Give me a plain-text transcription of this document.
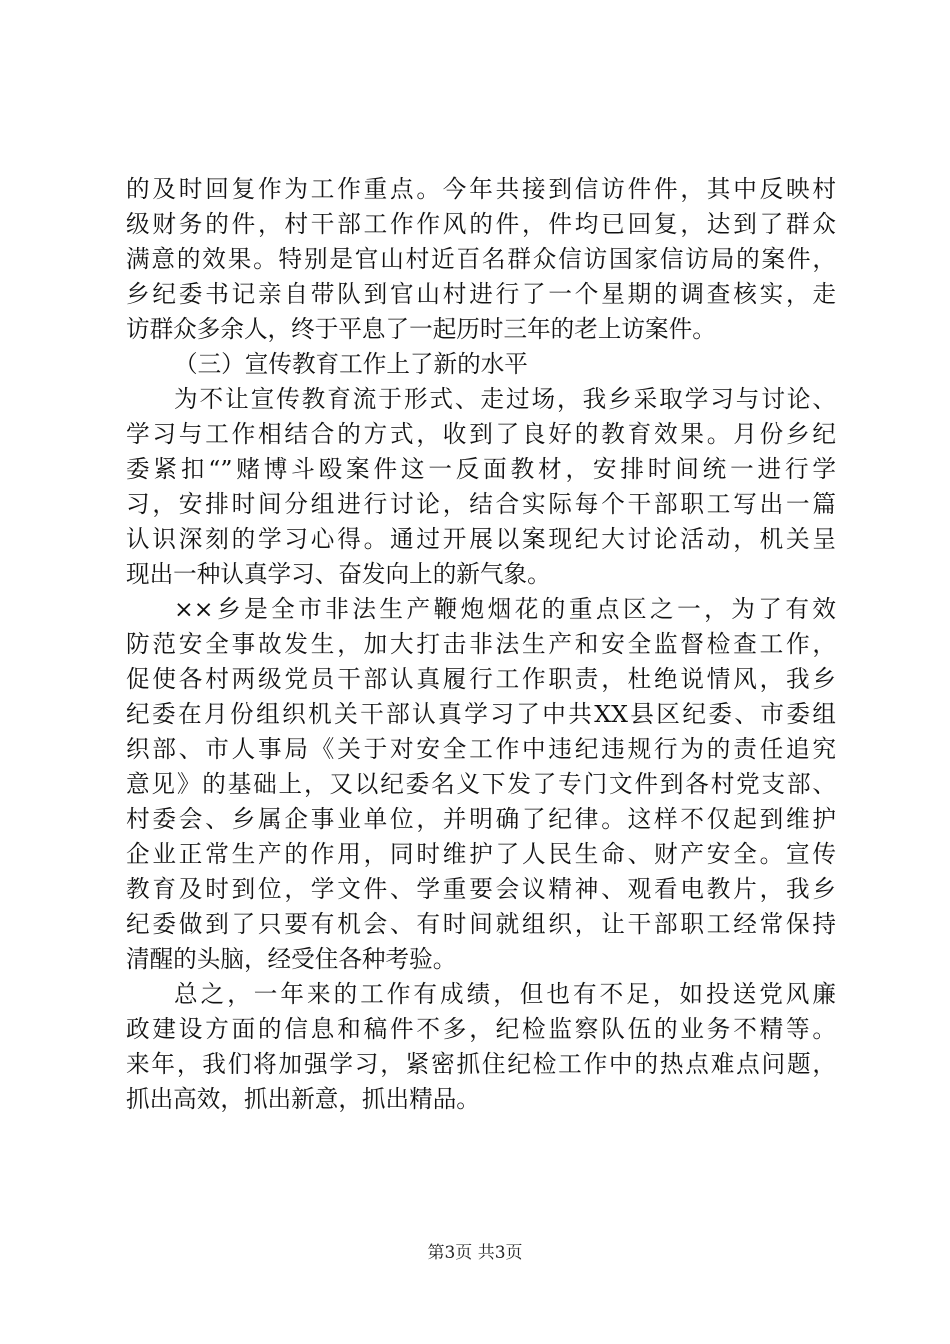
的及时回复作为工作重点。今年共接到信访件件，其中反映村
级财务的件，村干部工作作风的件，件均已回复，达到了群众
满意的效果。特别是官山村近百名群众信访国家信访局的案件，
乡纪委书记亲自带队到官山村进行了一个星期的调查核实，走
访群众多余人，终于平息了一起历时三年的老上访案件。
（三）宣传教育工作上了新的水平
为不让宣传教育流于形式、走过场，我乡采取学习与讨论、
学习与工作相结合的方式，收到了良好的教育效果。月份乡纪
委紧扣“”赌博斗殴案件这一反面教材，安排时间统一进行学
习，安排时间分组进行讨论，结合实际每个干部职工写出一篇
认识深刻的学习心得。通过开展以案现纪大讨论活动，机关呈
现出一种认真学习、奋发向上的新气象。
××乡是全市非法生产鞭炮烟花的重点区之一，为了有效
防范安全事故发生，加大打击非法生产和安全监督检查工作，
促使各村两级党员干部认真履行工作职责，杜绝说情风，我乡
纪委在月份组织机关干部认真学习了中共XX县区纪委、市委组
织部、市人事局《关于对安全工作中违纪违规行为的责任追究
意见》的基础上，又以纪委名义下发了专门文件到各村党支部、
村委会、乡属企事业单位，并明确了纪律。这样不仅起到维护
企业正常生产的作用，同时维护了人民生命、财产安全。宣传
教育及时到位，学文件、学重要会议精神、观看电教片，我乡
纪委做到了只要有机会、有时间就组织，让干部职工经常保持
清醒的头脑，经受住各种考验。
总之，一年来的工作有成绩，但也有不足，如投送党风廉
政建设方面的信息和稿件不多，纪检监察队伍的业务不精等。
来年，我们将加强学习，紧密抓住纪检工作中的热点难点问题，
抓出高效，抓出新意，抓出精品。
第3页 共3页
